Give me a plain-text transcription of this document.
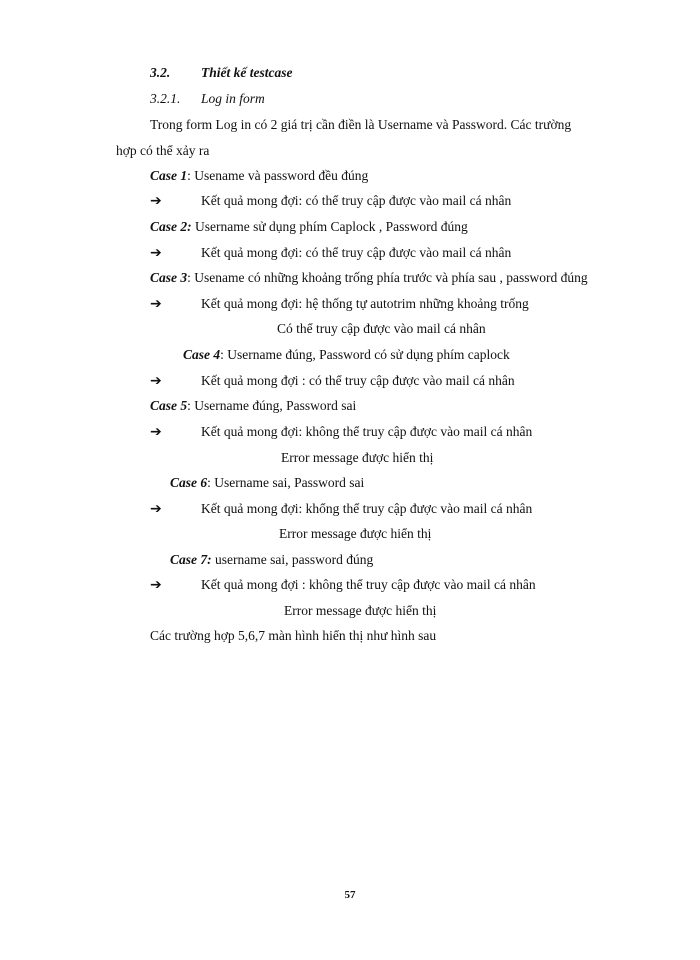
3.2. Thiết kế testcase
3.2.1. Log in form
Trong form Log in có 2 giá trị cần điền là Username và Password. Các trường
hợp có thể xảy ra
Case 1: Usename và password đều đúng
➔	Kết quả mong đợi: có thể truy cập được vào mail cá nhân
Case 2: Username sử dụng phím Caplock , Password đúng
➔	Kết quả mong đợi: có thể truy cập được vào mail cá nhân
Case 3: Usename có những khoảng trống phía trước và phía sau , password đúng
➔	Kết quả mong đợi: hệ thống tự autotrim những khoảng trống
Có thể truy cập được vào mail cá nhân
Case 4: Username đúng, Password có sử dụng phím caplock
➔	Kết quả mong đợi : có thể truy cập được vào mail cá nhân
Case 5: Username đúng, Password sai
➔	Kết quả mong đợi: không thể truy cập được vào mail cá nhân
Error message được hiển thị
Case 6: Username sai, Password sai
➔	Kết quả mong đợi: khổng thể truy cập được vào mail cá nhân
Error message được hiển thị
Case 7: username sai, password đúng
➔	Kết quả mong đợi : không thể truy cập được vào mail cá nhân
Error message được hiển thị
Các trường hợp 5,6,7 màn hình hiển thị như hình sau
57
